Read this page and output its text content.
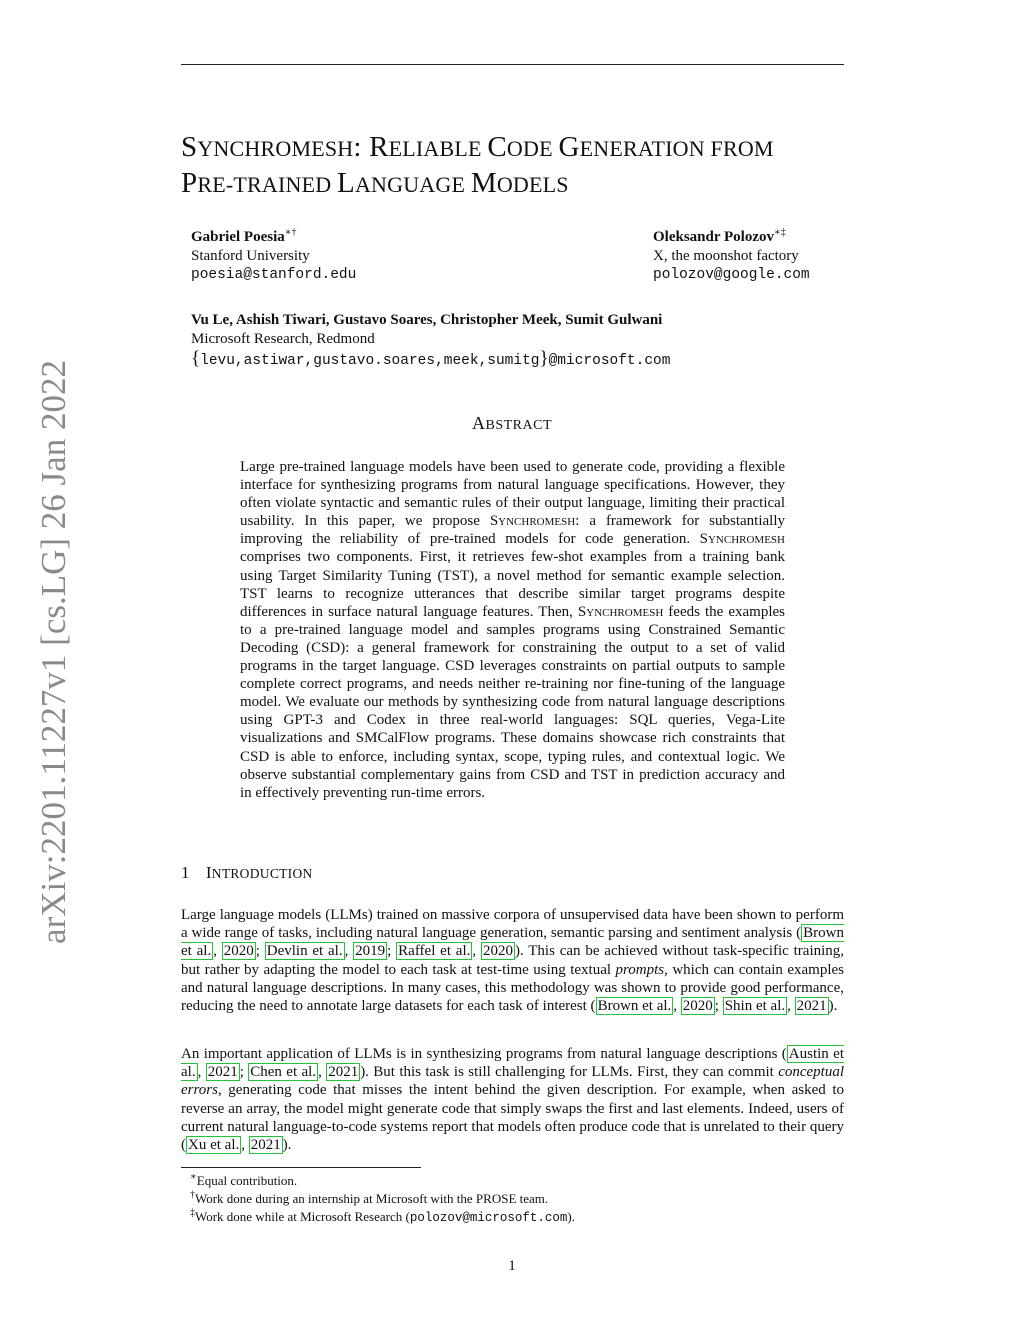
arXiv:2201.11227v1 [cs.LG] 26 Jan 2022
SYNCHROMESH: RELIABLE CODE GENERATION FROM
PRE-TRAINED LANGUAGE MODELS
Gabriel Poesia∗†
Stanford University
poesia@stanford.edu
Oleksandr Polozov∗‡
X, the moonshot factory
polozov@google.com
Vu Le, Ashish Tiwari, Gustavo Soares, Christopher Meek, Sumit Gulwani
Microsoft Research, Redmond
{levu,astiwar,gustavo.soares,meek,sumitg}@microsoft.com
ABSTRACT
Large pre-trained language models have been used to generate code, providing a flexible interface for synthesizing programs from natural language specifications. However, they often violate syntactic and semantic rules of their output language, limiting their practical usability. In this paper, we propose Synchromesh: a framework for substantially improving the reliability of pre-trained models for code generation. Synchromesh comprises two components. First, it retrieves few-shot examples from a training bank using Target Similarity Tuning (TST), a novel method for semantic example selection. TST learns to recognize utterances that describe similar target programs despite differences in surface natural language features. Then, Synchromesh feeds the examples to a pre-trained language model and samples programs using Constrained Semantic Decoding (CSD): a general framework for constraining the output to a set of valid programs in the target language. CSD leverages constraints on partial outputs to sample complete correct programs, and needs neither re-training nor fine-tuning of the language model. We evaluate our methods by synthesizing code from natural language descriptions using GPT-3 and Codex in three real-world languages: SQL queries, Vega-Lite visualizations and SMCalFlow programs. These domains showcase rich constraints that CSD is able to enforce, including syntax, scope, typing rules, and contextual logic. We observe substantial complementary gains from CSD and TST in prediction accuracy and in effectively preventing run-time errors.
1 INTRODUCTION
Large language models (LLMs) trained on massive corpora of unsupervised data have been shown to perform a wide range of tasks, including natural language generation, semantic parsing and sentiment analysis ( Brown et al. , 2020 ; Devlin et al. , 2019 ; Raffel et al. , 2020 ). This can be achieved without task-specific training, but rather by adapting the model to each task at test-time using textual prompts, which can contain examples and natural language descriptions. In many cases, this methodology was shown to provide good performance, reducing the need to annotate large datasets for each task of interest ( Brown et al. , 2020 ; Shin et al. , 2021 ).
An important application of LLMs is in synthesizing programs from natural language descriptions ( Austin et al. , 2021 ; Chen et al. , 2021 ). But this task is still challenging for LLMs. First, they can commit conceptual errors, generating code that misses the intent behind the given description. For example, when asked to reverse an array, the model might generate code that simply swaps the first and last elements. Indeed, users of current natural language-to-code systems report that models often produce code that is unrelated to their query ( Xu et al. , 2021 ).
∗Equal contribution.
†Work done during an internship at Microsoft with the PROSE team.
‡Work done while at Microsoft Research (polozov@microsoft.com).
1
